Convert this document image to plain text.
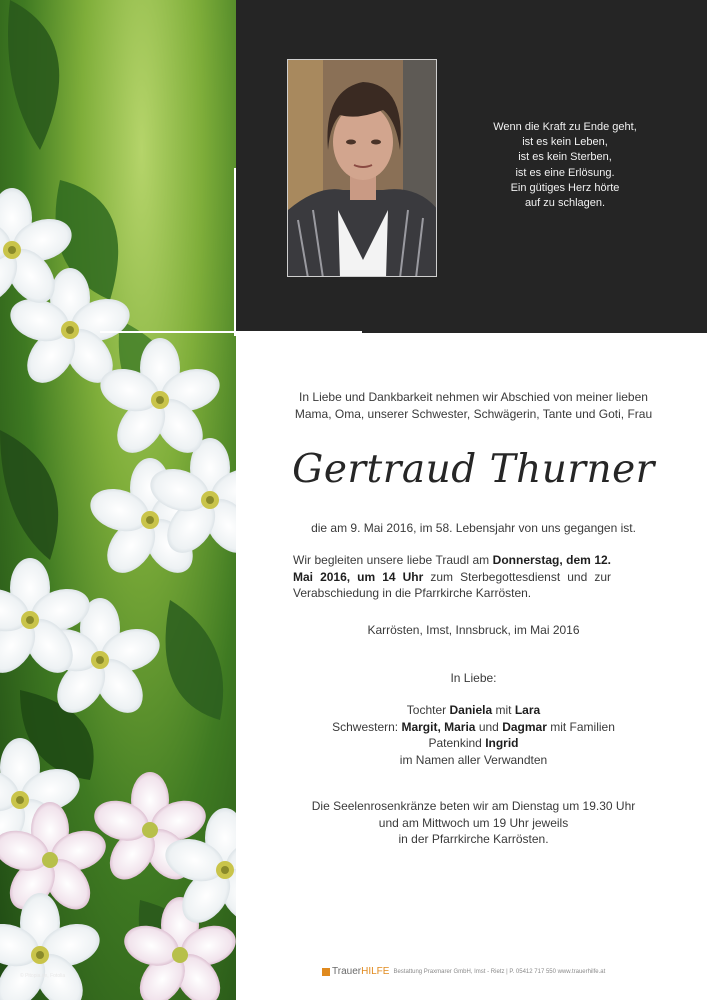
© Pitopia.de, Fotolia
Wenn die Kraft zu Ende geht,
ist es kein Leben,
ist es kein Sterben,
ist es eine Erlösung.
Ein gütiges Herz hörte
auf zu schlagen.
In Liebe und Dankbarkeit nehmen wir Abschied von meiner lieben
Mama, Oma, unserer Schwester, Schwägerin, Tante und Goti, Frau
Gertraud Thurner
die am 9. Mai 2016, im 58. Lebensjahr von uns gegangen ist.
Wir begleiten unsere liebe Traudl am Donnerstag, dem 12. Mai 2016, um 14 Uhr zum Sterbegottesdienst und zur Verabschiedung in die Pfarrkirche Karrösten.
Karrösten, Imst, Innsbruck, im Mai 2016
In Liebe:
Tochter Daniela mit Lara
Schwestern: Margit, Maria und Dagmar mit Familien
Patenkind Ingrid
im Namen aller Verwandten
Die Seelenrosenkränze beten wir am Dienstag um 19.30 Uhr
und am Mittwoch um 19 Uhr jeweils
in der Pfarrkirche Karrösten.
TrauerHILFE Bestattung Praxmarer GmbH, Imst - Rietz | P. 05412 717 550 www.trauerhilfe.at
